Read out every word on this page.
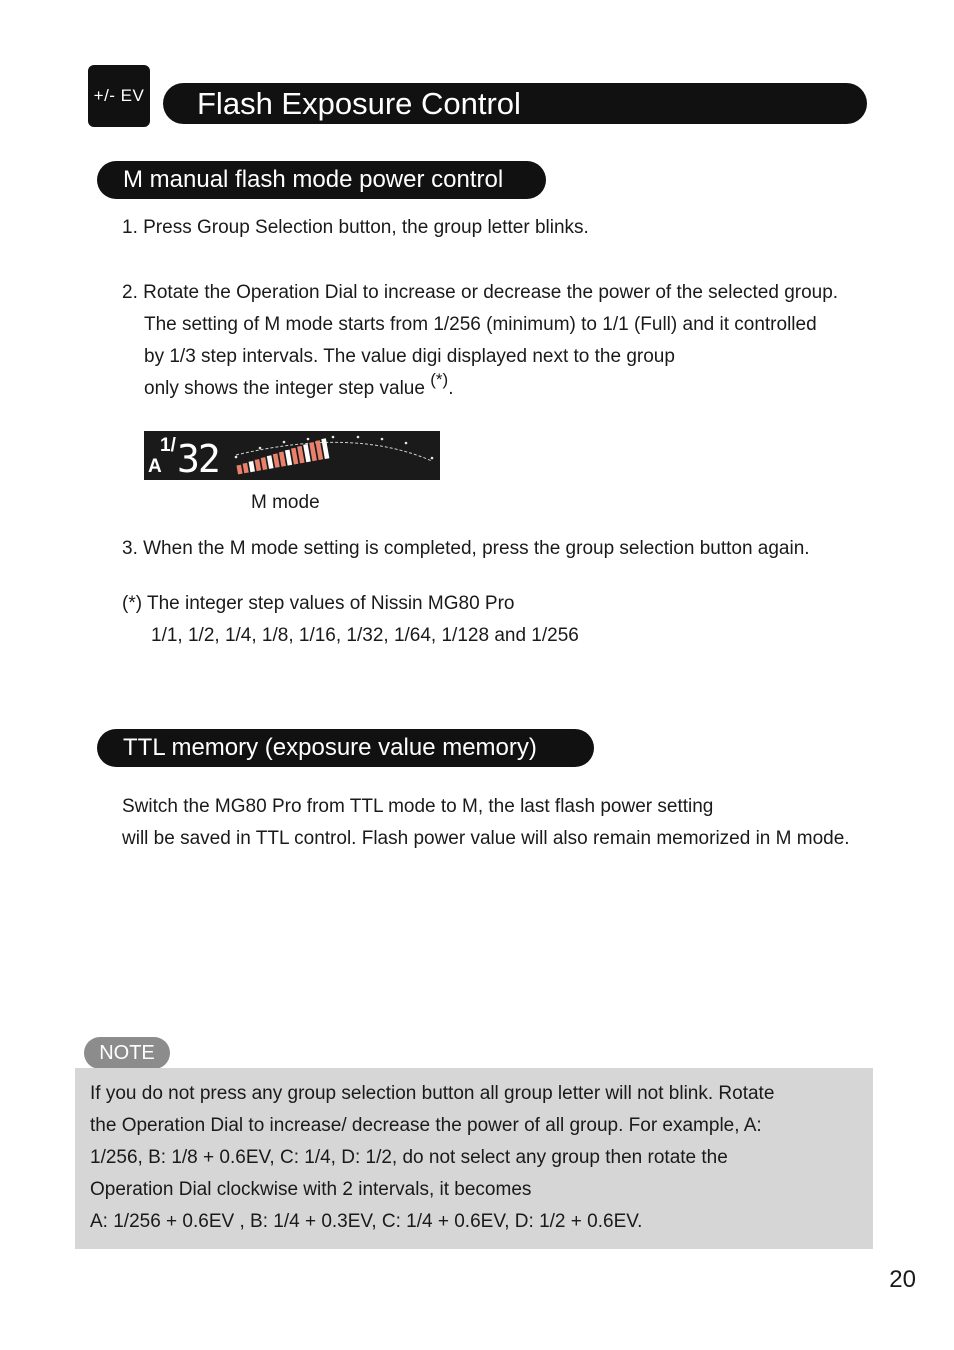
+/- EV	Flash Exposure Control
M manual flash mode power control

1. Press Group Selection button, the group letter blinks.

2. Rotate the Operation Dial to increase or decrease the power of the selected group.

The setting of M mode starts from 1/256 (minimum) to 1/1 (Full) and it controlled

by 1/3 step intervals. The value digi displayed next to the group

only shows the integer step value (*).

1/
A 32
M mode

3. When the M mode setting is completed, press the group selection button again.

(*) The integer step values of Nissin MG80 Pro

1/1, 1/2, 1/4, 1/8, 1/16, 1/32, 1/64, 1/128 and 1/256

TTL memory (exposure value memory)

Switch the MG80 Pro from TTL mode to M, the last flash power setting

will be saved in TTL control. Flash power value will also remain memorized in M mode.

NOTE

If you do not press any group selection button all group letter will not blink. Rotate

the Operation Dial to increase/ decrease the power of all group. For example, A:

1/256, B: 1/8 + 0.6EV, C: 1/4, D: 1/2, do not select any group then rotate the

Operation Dial clockwise with 2 intervals, it becomes

A: 1/256 + 0.6EV , B: 1/4 + 0.3EV, C: 1/4 + 0.6EV, D: 1/2 + 0.6EV.

20
